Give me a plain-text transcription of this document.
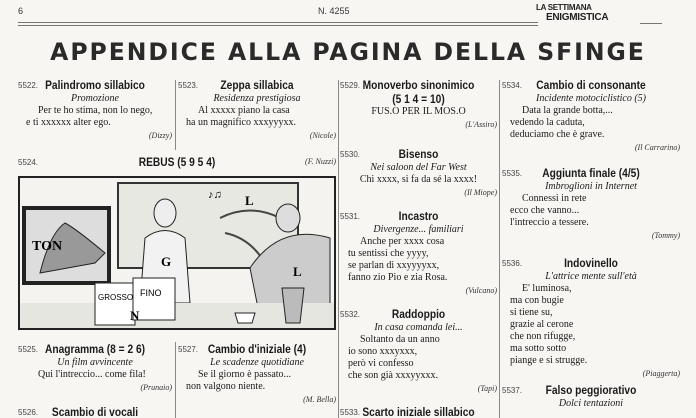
6	N. 4255	LA SETTIMANA
ENIGMISTICA
APPENDICE ALLA PAGINA DELLA SFINGE
5524.	REBUS (5 9 5 4)	(F. Nuzzi)
TON
G
L
♪♫
L
GROSSO FINO
N
5522. Palindromo sillabico
Promozione
Per te ho stima, non lo nego,
e ti xxxxxx alter ego.
(Dizzy)
5523.	Zeppa sillabica
Residenza prestigiosa
Al xxxxx piano la casa
ha un magnifico xxxyyyxx.
(Nicole)
5525. Anagramma (8 = 2 6)
Un film avvincente
Qui l'intreccio... come fila!
(Prunaio)
5526.	Scambio di vocali
5527. Cambio d'iniziale (4)
Le scadenze quotidiane
Se il giorno è passato...
non valgono niente.
(M. Bella)
5529. Monoverbo sinonimico
(5 1 4 = 10)
FUS.O PER IL MOS.O
(L'Assiro)
5530.	Bisenso
Nei saloon del Far West
Chi xxxx, si fa da sé la xxxx!
(Il Miope)
5531.	Incastro
Divergenze... familiari
Anche per xxxx cosa
tu sentissi che yyyy,
se parlan di xxyyyyxx,
fanno zio Pio e zia Rosa.
(Vulcano)
5532.	Raddoppio
In casa comanda lei...
Soltanto da un anno
io sono xxxyxxx,
però vi confesso
che son già xxxyyxxx.
(Tapi)
5533. Scarto iniziale sillabico
5534.	Cambio di consonante
Incidente motociclistico (5)
Data la grande botta,...
vedendo la caduta,
deduciamo che è grave.
(Il Carrarino)
5535.	Aggiunta finale (4/5)
Imbroglioni in Internet
Connessi in rete
ecco che vanno...
l'intreccio a tessere.
(Tommy)
5536.	Indovinello
L'attrice mente sull'età
E' luminosa,
ma con bugie
si tiene su,
grazie al cerone
che non rifugge,
ma sotto sotto
piange e si strugge.
(Piaggerta)
5537.	Falso peggiorativo
Dolci tentazioni
